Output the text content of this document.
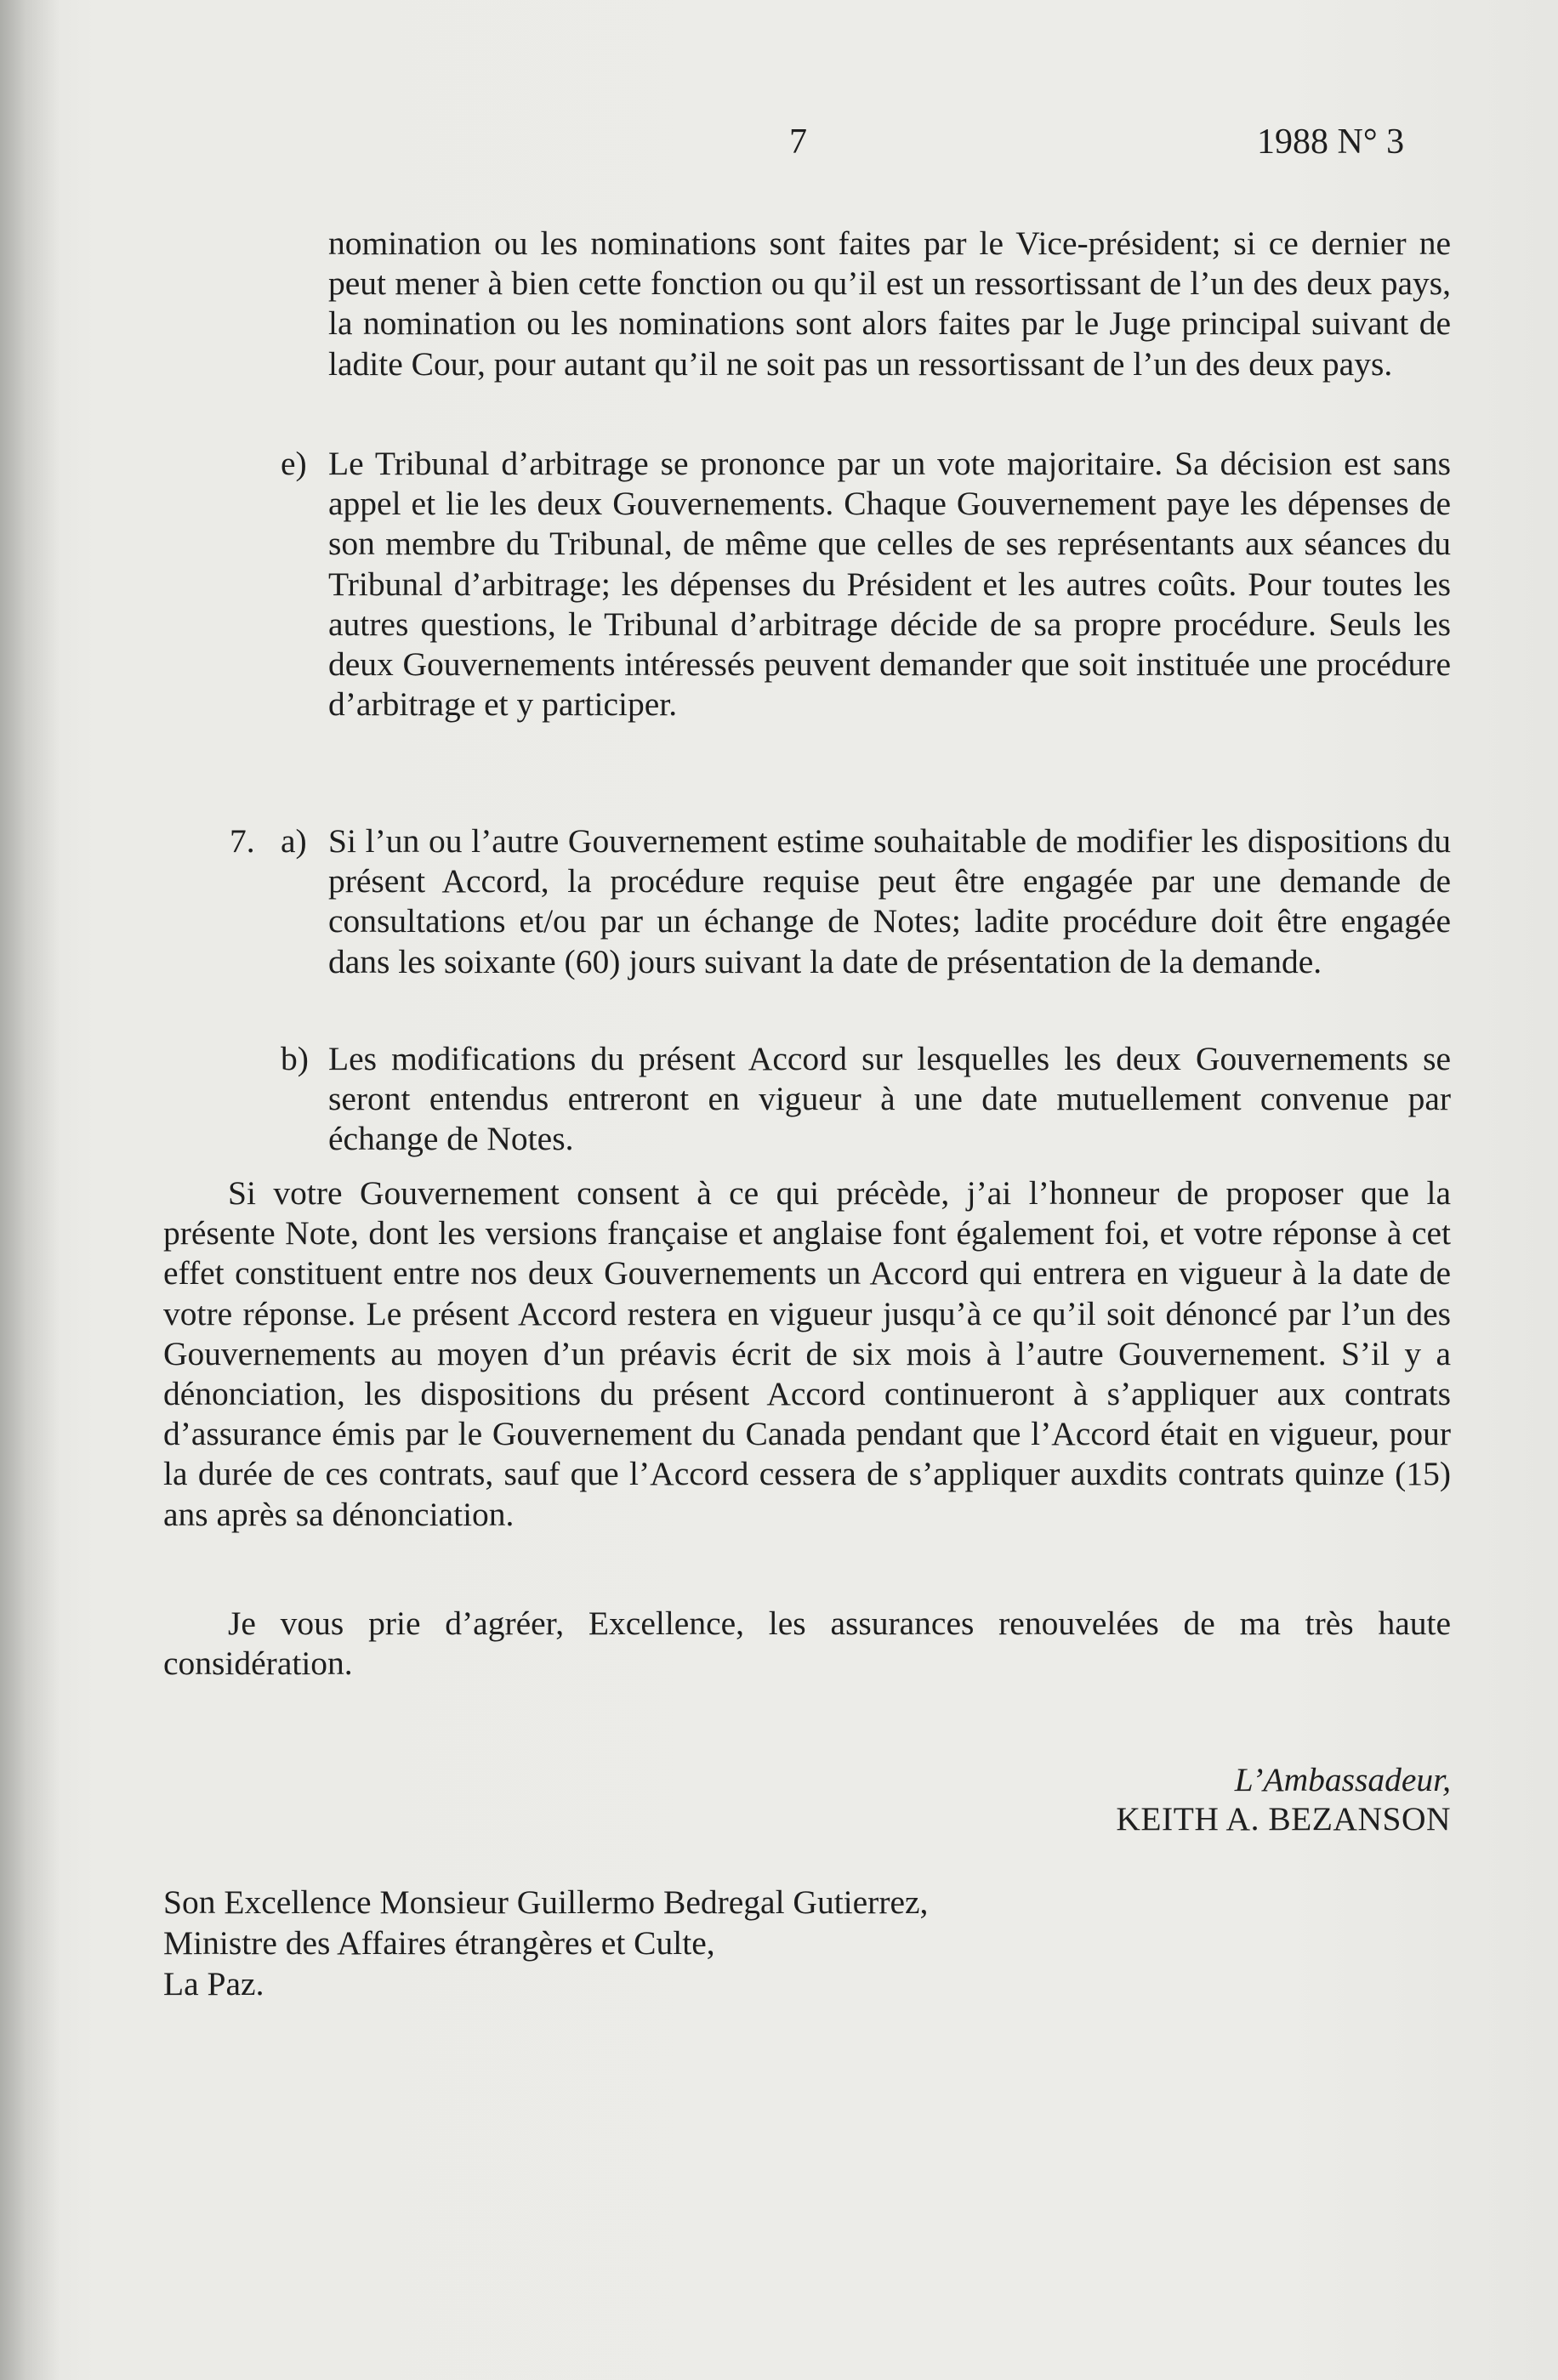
7	1988 N° 3

nomination ou les nominations sont faites par le Vice-président; si ce dernier ne peut mener à bien cette fonction ou qu’il est un ressortissant de l’un des deux pays, la nomination ou les nominations sont alors faites par le Juge principal suivant de ladite Cour, pour autant qu’il ne soit pas un ressortissant de l’un des deux pays.

e) Le Tribunal d’arbitrage se prononce par un vote majoritaire. Sa décision est sans appel et lie les deux Gouvernements. Chaque Gouvernement paye les dépenses de son membre du Tribunal, de même que celles de ses représentants aux séances du Tribunal d’arbitrage; les dépenses du Président et les autres coûts. Pour toutes les autres questions, le Tribunal d’arbitrage décide de sa propre procédure. Seuls les deux Gouvernements intéressés peuvent demander que soit instituée une procédure d’arbitrage et y participer.

7. a) Si l’un ou l’autre Gouvernement estime souhaitable de modifier les dispositions du présent Accord, la procédure requise peut être engagée par une demande de consultations et/ou par un échange de Notes; ladite procédure doit être engagée dans les soixante (60) jours suivant la date de présentation de la demande.

b) Les modifications du présent Accord sur lesquelles les deux Gouvernements se seront entendus entreront en vigueur à une date mutuellement convenue par échange de Notes.

Si votre Gouvernement consent à ce qui précède, j’ai l’honneur de proposer que la présente Note, dont les versions française et anglaise font également foi, et votre réponse à cet effet constituent entre nos deux Gouvernements un Accord qui entrera en vigueur à la date de votre réponse. Le présent Accord restera en vigueur jusqu’à ce qu’il soit dénoncé par l’un des Gouvernements au moyen d’un préavis écrit de six mois à l’autre Gouvernement. S’il y a dénonciation, les dispositions du présent Accord continueront à s’appliquer aux contrats d’assurance émis par le Gouvernement du Canada pendant que l’Accord était en vigueur, pour la durée de ces contrats, sauf que l’Accord cessera de s’appliquer auxdits contrats quinze (15) ans après sa dénonciation.

Je vous prie d’agréer, Excellence, les assurances renouvelées de ma très haute considération.

L’Ambassadeur,
KEITH A. BEZANSON
Son Excellence Monsieur Guillermo Bedregal Gutierrez,
Ministre des Affaires étrangères et Culte,
La Paz.
